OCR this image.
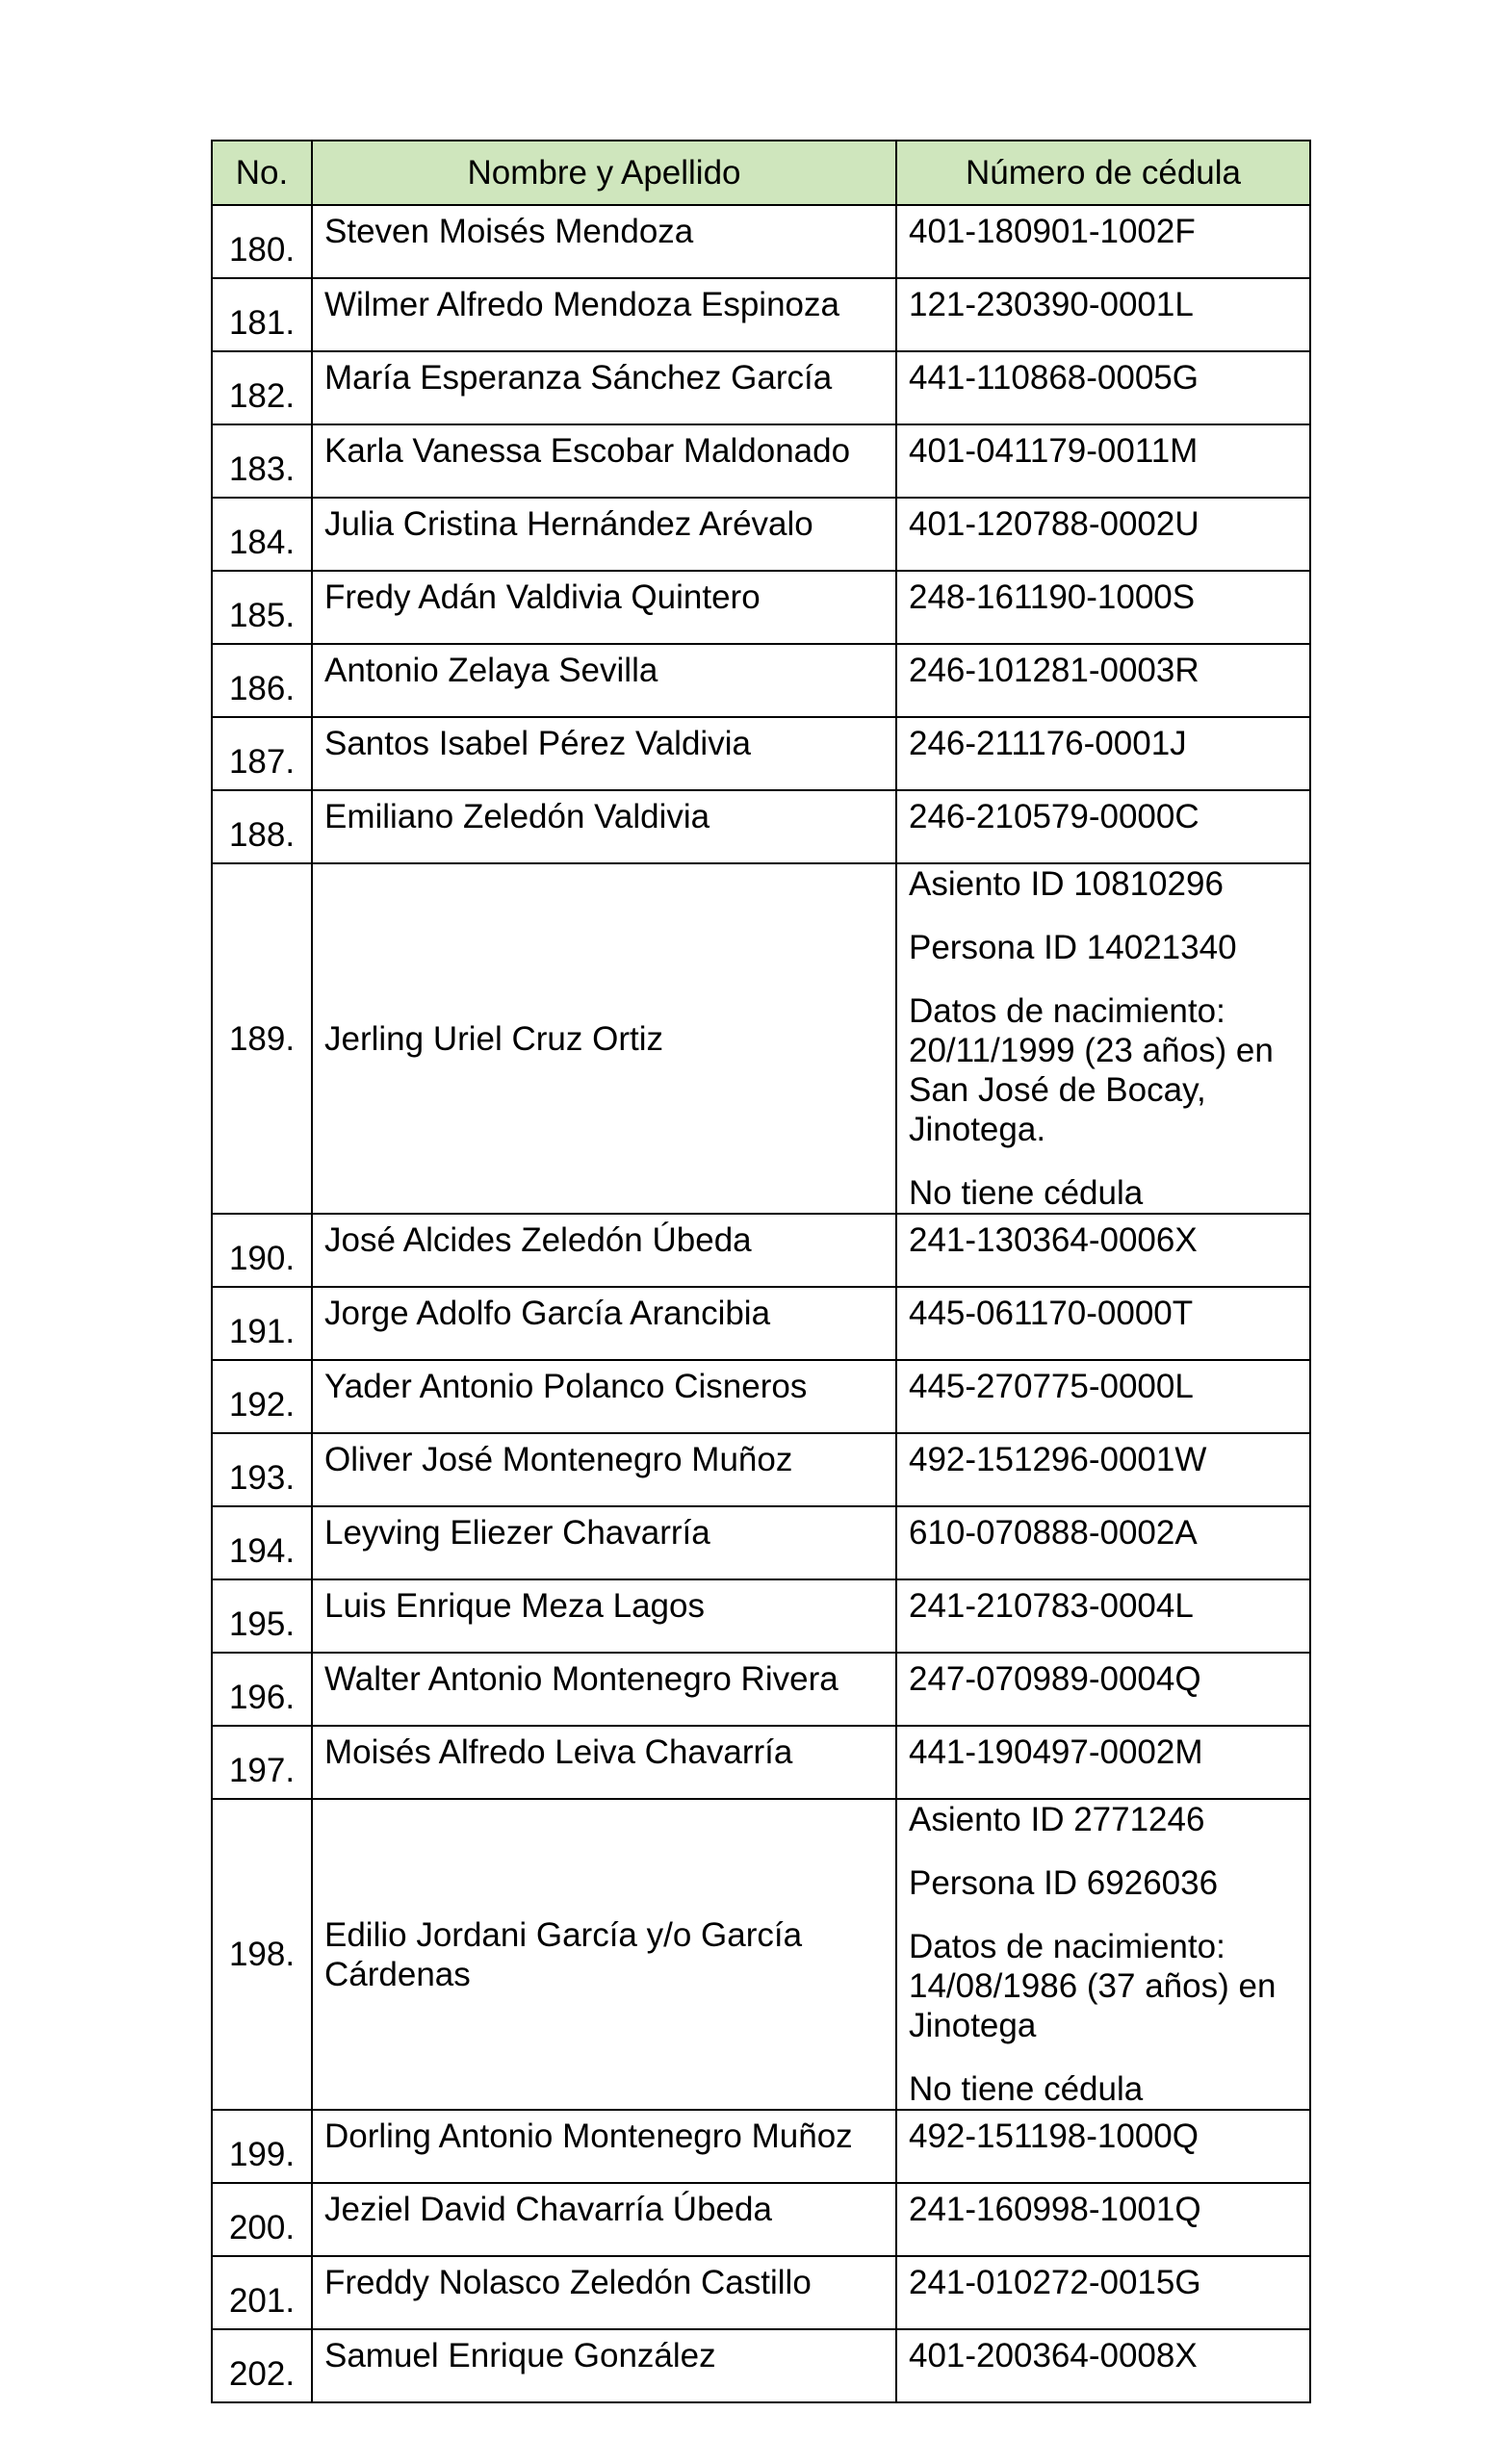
No.	Nombre y Apellido	Número de cédula

180.	Steven Moisés Mendoza	401-180901-1002F

181.	Wilmer Alfredo Mendoza Espinoza	121-230390-0001L

182.	María Esperanza Sánchez García	441-110868-0005G

183.	Karla Vanessa Escobar Maldonado	401-041179-0011M

184.	Julia Cristina Hernández Arévalo	401-120788-0002U

185.	Fredy Adán Valdivia Quintero	248-161190-1000S

186.	Antonio Zelaya Sevilla	246-101281-0003R

187.	Santos Isabel Pérez Valdivia	246-211176-0001J

188.	Emiliano Zeledón Valdivia	246-210579-0000C

189.	Jerling Uriel Cruz Ortiz	Asiento ID 10810296
Persona ID 14021340
Datos de nacimiento: 20/11/1999 (23 años) en San José de Bocay, Jinotega.
No tiene cédula

190.	José Alcides Zeledón Úbeda	241-130364-0006X

191.	Jorge Adolfo García Arancibia	445-061170-0000T

192.	Yader Antonio Polanco Cisneros	445-270775-0000L

193.	Oliver José Montenegro Muñoz	492-151296-0001W

194.	Leyving Eliezer Chavarría	610-070888-0002A

195.	Luis Enrique Meza Lagos	241-210783-0004L

196.	Walter Antonio Montenegro Rivera	247-070989-0004Q

197.	Moisés Alfredo Leiva Chavarría	441-190497-0002M

198.	Edilio Jordani García y/o García Cárdenas	Asiento ID 2771246
Persona ID 6926036
Datos de nacimiento: 14/08/1986 (37 años) en Jinotega
No tiene cédula

199.	Dorling Antonio Montenegro Muñoz	492-151198-1000Q

200.	Jeziel David Chavarría Úbeda	241-160998-1001Q

201.	Freddy Nolasco Zeledón Castillo	241-010272-0015G

202.	Samuel Enrique González	401-200364-0008X
